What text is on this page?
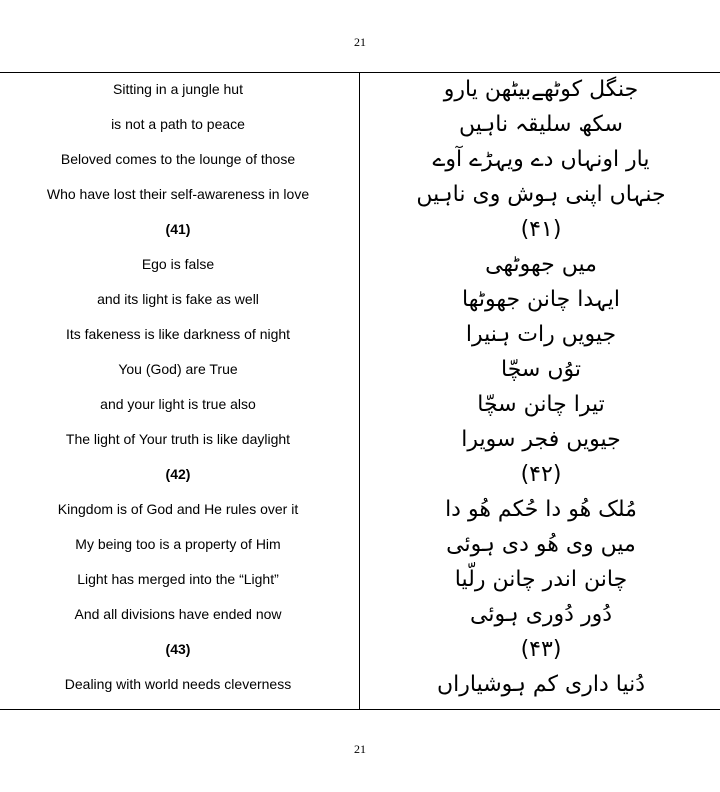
21
Sitting in a jungle hut	جنگل کوٹھےبیٹھن یارو
is not a path to peace	سکھ سلیقہ ناہیں
Beloved comes to the lounge of those	یار اونہاں دے ویہڑے آوے
Who have lost their self-awareness in love	جنہاں اپنی ہوش وی ناہیں
(41)	(۴۱)
Ego is false	میں جھوٹھی
and its light is fake as well	ایہدا چانن جھوٹھا
Its fakeness is like darkness of night	جیویں رات ہنیرا
You (God) are True	توُں سچّا
and your light is true also	تیرا چانن سچّا
The light of Your truth is like daylight	جیویں فجر سویرا
(42)	(۴۲)
Kingdom is of God and He rules over it	مُلک ھُو دا حُکم ھُو دا
My being too is a property of Him	میں وی ھُو دی ہوئی
Light has merged into the “Light”	چانن اندر چانن رلّیا
And all divisions have ended now	دُور دُوری ہوئی
(43)	(۴۳)
Dealing with world needs cleverness	دُنیا داری کم ہوشیاراں
21
